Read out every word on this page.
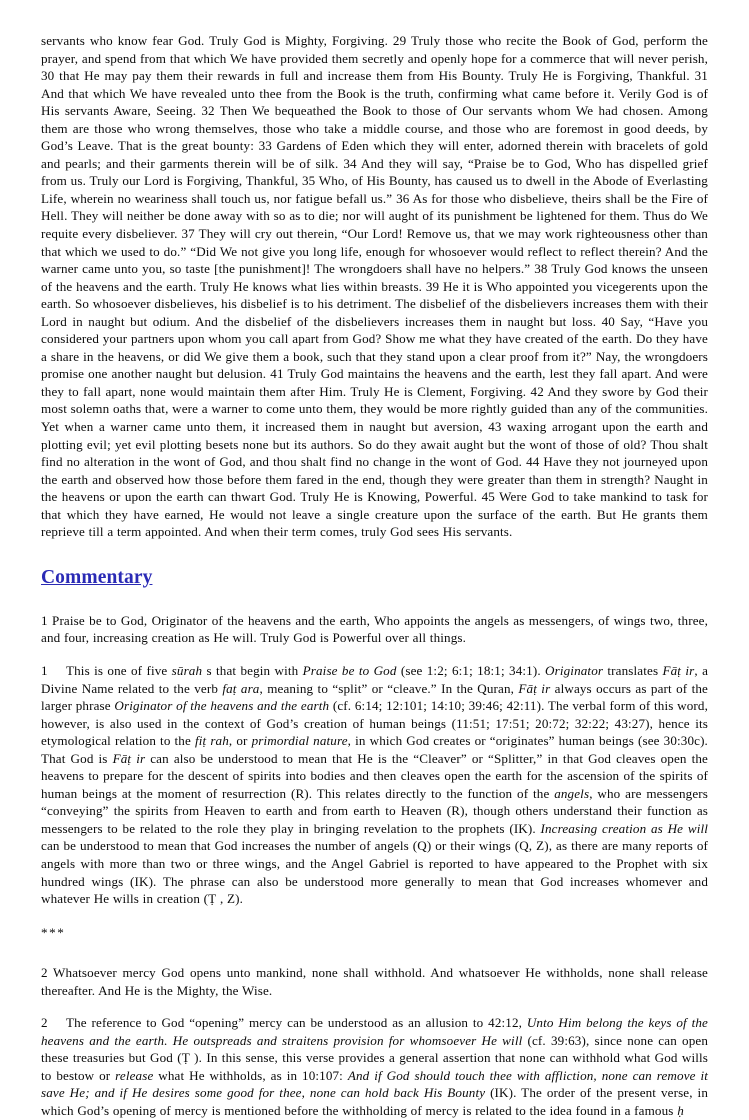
servants who know fear God. Truly God is Mighty, Forgiving. 29 Truly those who recite the Book of God, perform the prayer, and spend from that which We have provided them secretly and openly hope for a commerce that will never perish, 30 that He may pay them their rewards in full and increase them from His Bounty. Truly He is Forgiving, Thankful. 31 And that which We have revealed unto thee from the Book is the truth, confirming what came before it. Verily God is of His servants Aware, Seeing. 32 Then We bequeathed the Book to those of Our servants whom We had chosen. Among them are those who wrong themselves, those who take a middle course, and those who are foremost in good deeds, by God’s Leave. That is the great bounty: 33 Gardens of Eden which they will enter, adorned therein with bracelets of gold and pearls; and their garments therein will be of silk. 34 And they will say, “Praise be to God, Who has dispelled grief from us. Truly our Lord is Forgiving, Thankful, 35 Who, of His Bounty, has caused us to dwell in the Abode of Everlasting Life, wherein no weariness shall touch us, nor fatigue befall us.” 36 As for those who disbelieve, theirs shall be the Fire of Hell. They will neither be done away with so as to die; nor will aught of its punishment be lightened for them. Thus do We requite every disbeliever. 37 They will cry out therein, “Our Lord! Remove us, that we may work righteousness other than that which we used to do.” “Did We not give you long life, enough for whosoever would reflect to reflect therein? And the warner came unto you, so taste [the punishment]! The wrongdoers shall have no helpers.” 38 Truly God knows the unseen of the heavens and the earth. Truly He knows what lies within breasts. 39 He it is Who appointed you vicegerents upon the earth. So whosoever disbelieves, his disbelief is to his detriment. The disbelief of the disbelievers increases them with their Lord in naught but odium. And the disbelief of the disbelievers increases them in naught but loss. 40 Say, “Have you considered your partners upon whom you call apart from God? Show me what they have created of the earth. Do they have a share in the heavens, or did We give them a book, such that they stand upon a clear proof from it?” Nay, the wrongdoers promise one another naught but delusion. 41 Truly God maintains the heavens and the earth, lest they fall apart. And were they to fall apart, none would maintain them after Him. Truly He is Clement, Forgiving. 42 And they swore by God their most solemn oaths that, were a warner to come unto them, they would be more rightly guided than any of the communities. Yet when a warner came unto them, it increased them in naught but aversion, 43 waxing arrogant upon the earth and plotting evil; yet evil plotting besets none but its authors. So do they await aught but the wont of those of old? Thou shalt find no alteration in the wont of God, and thou shalt find no change in the wont of God. 44 Have they not journeyed upon the earth and observed how those before them fared in the end, though they were greater than them in strength? Naught in the heavens or upon the earth can thwart God. Truly He is Knowing, Powerful. 45 Were God to take mankind to task for that which they have earned, He would not leave a single creature upon the surface of the earth. But He grants them reprieve till a term appointed. And when their term comes, truly God sees His servants.

Commentary

1 Praise be to God, Originator of the heavens and the earth, Who appoints the angels as messengers, of wings two, three, and four, increasing creation as He will. Truly God is Powerful over all things.

1 This is one of five sūrah s that begin with Praise be to God (see 1:2; 6:1; 18:1; 34:1). Originator translates Fāṭ ir, a Divine Name related to the verb faṭ ara, meaning to “split” or “cleave.” In the Quran, Fāṭ ir always occurs as part of the larger phrase Originator of the heavens and the earth (cf. 6:14; 12:101; 14:10; 39:46; 42:11). The verbal form of this word, however, is also used in the context of God’s creation of human beings (11:51; 17:51; 20:72; 32:22; 43:27), hence its etymological relation to the fiṭ rah, or primordial nature, in which God creates or “originates” human beings (see 30:30c). That God is Fāṭ ir can also be understood to mean that He is the “Cleaver” or “Splitter,” in that God cleaves open the heavens to prepare for the descent of spirits into bodies and then cleaves open the earth for the ascension of the spirits of human beings at the moment of resurrection (R). This relates directly to the function of the angels, who are messengers “conveying” the spirits from Heaven to earth and from earth to Heaven (R), though others understand their function as messengers to be related to the role they play in bringing revelation to the prophets (IK). Increasing creation as He will can be understood to mean that God increases the number of angels (Q) or their wings (Q, Z), as there are many reports of angels with more than two or three wings, and the Angel Gabriel is reported to have appeared to the Prophet with six hundred wings (IK). The phrase can also be understood more generally to mean that God increases whomever and whatever He wills in creation (Ṭ , Z).

***

2 Whatsoever mercy God opens unto mankind, none shall withhold. And whatsoever He withholds, none shall release thereafter. And He is the Mighty, the Wise.

2 The reference to God “opening” mercy can be understood as an allusion to 42:12, Unto Him belong the keys of the heavens and the earth. He outspreads and straitens provision for whomsoever He will (cf. 39:63), since none can open these treasuries but God (Ṭ ). In this sense, this verse provides a general assertion that none can withhold what God wills to bestow or release what He withholds, as in 10:107: And if God should touch thee with affliction, none can remove it save He; and if He desires some good for thee, none can hold back His Bounty (IK). The order of the present verse, in which God’s opening of mercy is mentioned before the withholding of mercy is related to the idea found in a famous ḥ
